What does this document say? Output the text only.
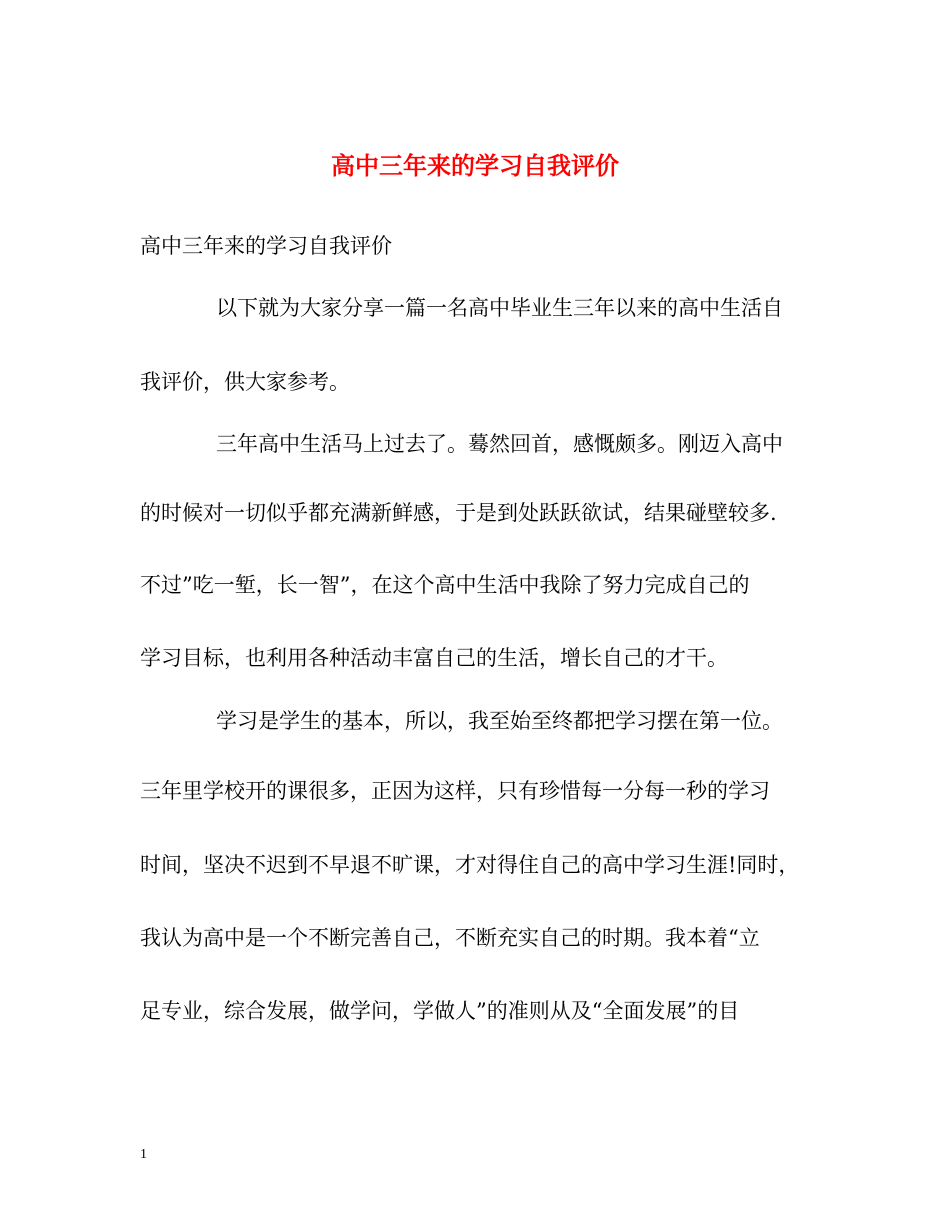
高中三年来的学习自我评价
高中三年来的学习自我评价
以下就为大家分享一篇一名高中毕业生三年以来的高中生活自
我评价，供大家参考。
三年高中生活马上过去了。蓦然回首，感慨颇多。刚迈入高中
的时候对一切似乎都充满新鲜感，于是到处跃跃欲试，结果碰壁较多.
不过”吃一堑，长一智”，在这个高中生活中我除了努力完成自己的
学习目标，也利用各种活动丰富自己的生活，增长自己的才干。
学习是学生的基本，所以，我至始至终都把学习摆在第一位。
三年里学校开的课很多，正因为这样，只有珍惜每一分每一秒的学习
时间，坚决不迟到不早退不旷课，才对得住自己的高中学习生涯!同时，
我认为高中是一个不断完善自己，不断充实自己的时期。我本着“立
足专业，综合发展，做学问，学做人”的准则从及“全面发展”的目
1
